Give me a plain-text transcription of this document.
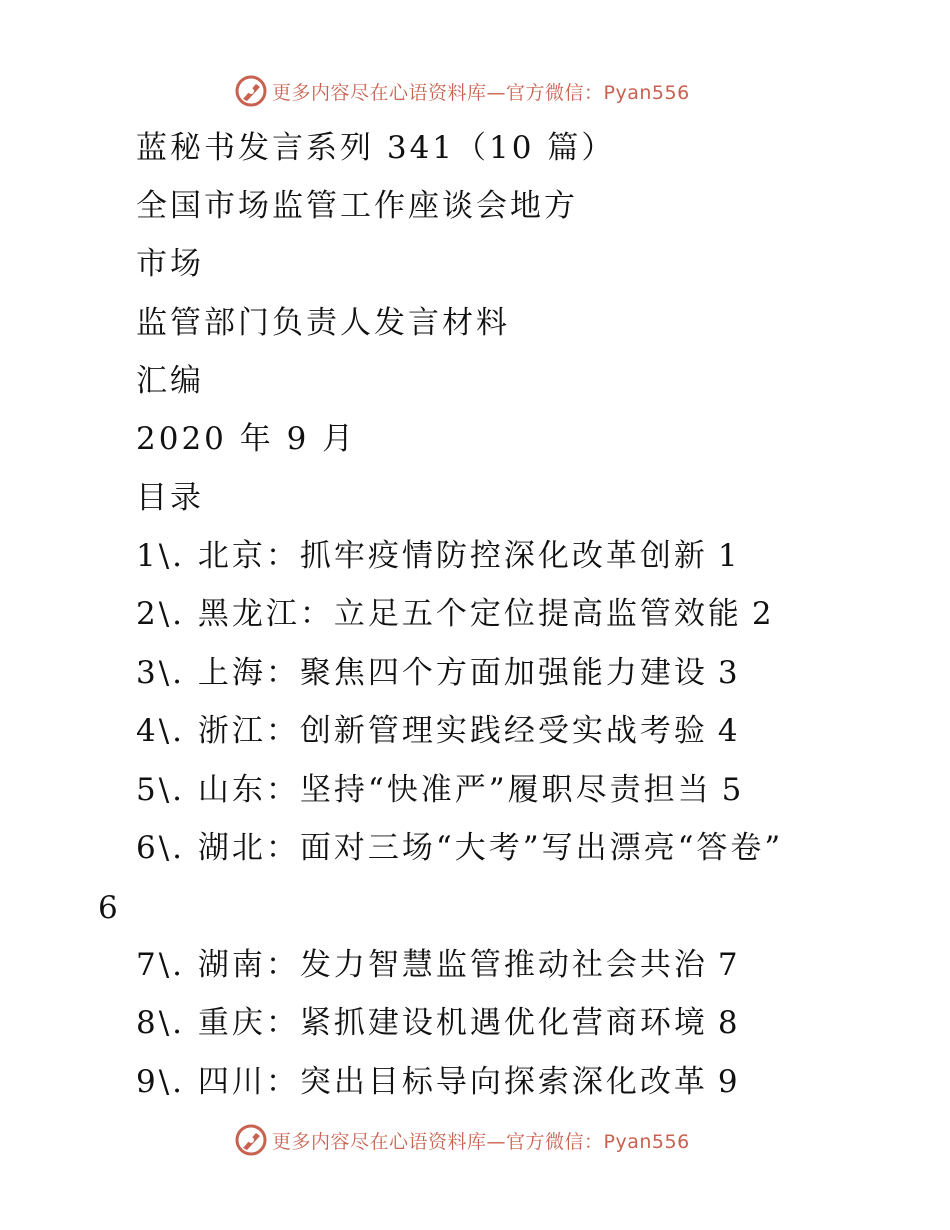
更多内容尽在心语资料库—官方微信：Pyan556
蓝秘书发言系列 341（10 篇）
全国市场监管工作座谈会地方
市场
监管部门负责人发言材料
汇编
2020 年 9 月
目录
1\. 北京：抓牢疫情防控深化改革创新 1
2\. 黑龙江：立足五个定位提高监管效能 2
3\. 上海：聚焦四个方面加强能力建设 3
4\. 浙江：创新管理实践经受实战考验 4
5\. 山东：坚持“快准严”履职尽责担当 5
6\. 湖北：面对三场“大考”写出漂亮“答卷”
6
7\. 湖南：发力智慧监管推动社会共治 7
8\. 重庆：紧抓建设机遇优化营商环境 8
9\. 四川：突出目标导向探索深化改革 9
更多内容尽在心语资料库—官方微信：Pyan556
